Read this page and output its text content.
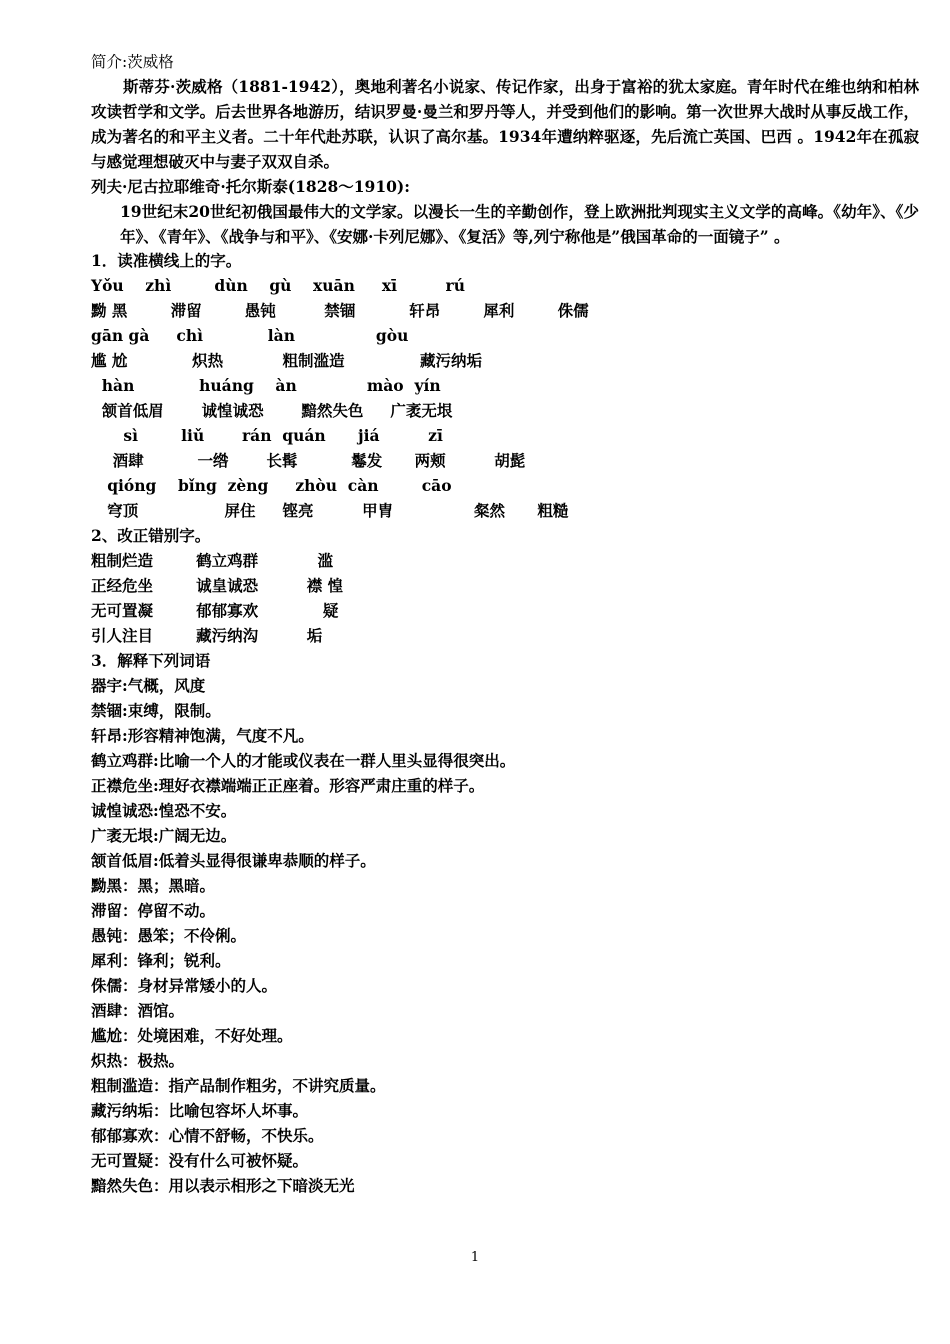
简介:茨威格
斯蒂芬·茨威格（1881-1942），奥地利著名小说家、传记作家，出身于富裕的犹太家庭。青年时代在维也纳和柏林攻读哲学和文学。后去世界各地游历，结识罗曼·曼兰和罗丹等人，并受到他们的影响。第一次世界大战时从事反战工作，成为著名的和平主义者。二十年代赴苏联，认识了高尔基。1934年遭纳粹驱逐，先后流亡英国、巴西 。1942年在孤寂与感觉理想破灭中与妻子双双自杀。
列夫·尼古拉耶维奇·托尔斯泰(1828～1910):
19世纪末20世纪初俄国最伟大的文学家。以漫长一生的辛勤创作，登上欧洲批判现实主义文学的高峰。《幼年》、《少年》、《青年》、《战争与和平》、《安娜·卡列尼娜》、《复活》等,列宁称他是”俄国革命的一面镜子” 。
1．读准横线上的字。
Yǒu    zhì        dùn    gù    xuān     xī         rú
黝 黑        滞留        愚钝         禁锢          轩昂        犀利        侏儒
gān gà     chì            làn               gòu
尴 尬            炽热           粗制滥造              藏污纳垢
hàn            huáng    àn             mào  yín
颔首低眉       诚惶诚恐       黯然失色     广袤无垠
sì        liǔ       rán  quán      jiá         zī
酒肆          一绺       长髯          鬈发      两颊         胡髭
qióng    bǐng  zèng     zhòu  càn        cāo
穹顶                屏住     铿亮         甲胄               粲然      粗糙
2、改正错别字。
粗制烂造        鹤立鸡群           滥
正经危坐        诚皇诚恐         襟 惶
无可置凝        郁郁寡欢            疑
引人注目        藏污纳沟         垢
3．解释下列词语
器宇:气概，风度
禁锢:束缚，限制。
轩昂:形容精神饱满，气度不凡。
鹤立鸡群:比喻一个人的才能或仪表在一群人里头显得很突出。
正襟危坐:理好衣襟端端正正座着。形容严肃庄重的样子。
诚惶诚恐:惶恐不安。
广袤无垠:广阔无边。
颔首低眉:低着头显得很谦卑恭顺的样子。
黝黑：黑；黑暗。
滞留：停留不动。
愚钝：愚笨；不伶俐。
犀利：锋利；锐利。
侏儒：身材异常矮小的人。
酒肆：酒馆。
尴尬：处境困难，不好处理。
炽热：极热。
粗制滥造：指产品制作粗劣，不讲究质量。
藏污纳垢：比喻包容坏人坏事。
郁郁寡欢：心情不舒畅，不快乐。
无可置疑：没有什么可被怀疑。
黯然失色：用以表示相形之下暗淡无光
1
